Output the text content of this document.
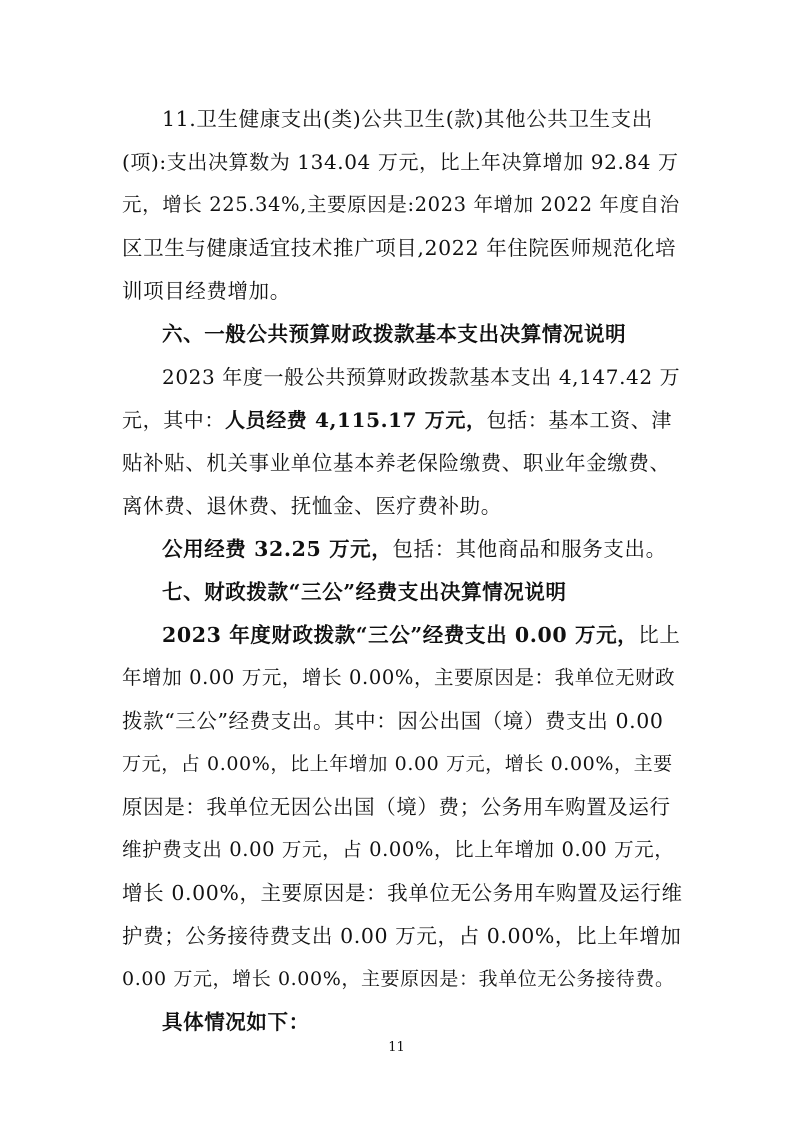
11.卫生健康支出(类)公共卫生(款)其他公共卫生支出
(项):支出决算数为 134.04 万元，比上年决算增加 92.84 万
元，增长 225.34%,主要原因是:2023 年增加 2022 年度自治
区卫生与健康适宜技术推广项目,2022 年住院医师规范化培
训项目经费增加。
六、一般公共预算财政拨款基本支出决算情况说明
2023 年度一般公共预算财政拨款基本支出 4,147.42 万
元，其中：人员经费 4,115.17 万元，包括：基本工资、津
贴补贴、机关事业单位基本养老保险缴费、职业年金缴费、
离休费、退休费、抚恤金、医疗费补助。
公用经费 32.25 万元，包括：其他商品和服务支出。
七、财政拨款“三公”经费支出决算情况说明
2023 年度财政拨款“三公”经费支出 0.00 万元，比上
年增加 0.00 万元，增长 0.00%，主要原因是：我单位无财政
拨款“三公”经费支出。其中：因公出国（境）费支出 0.00
万元，占 0.00%，比上年增加 0.00 万元，增长 0.00%，主要
原因是：我单位无因公出国（境）费；公务用车购置及运行
维护费支出 0.00 万元，占 0.00%，比上年增加 0.00 万元，
增长 0.00%，主要原因是：我单位无公务用车购置及运行维
护费；公务接待费支出 0.00 万元，占 0.00%，比上年增加
0.00 万元，增长 0.00%，主要原因是：我单位无公务接待费。
具体情况如下：
11
